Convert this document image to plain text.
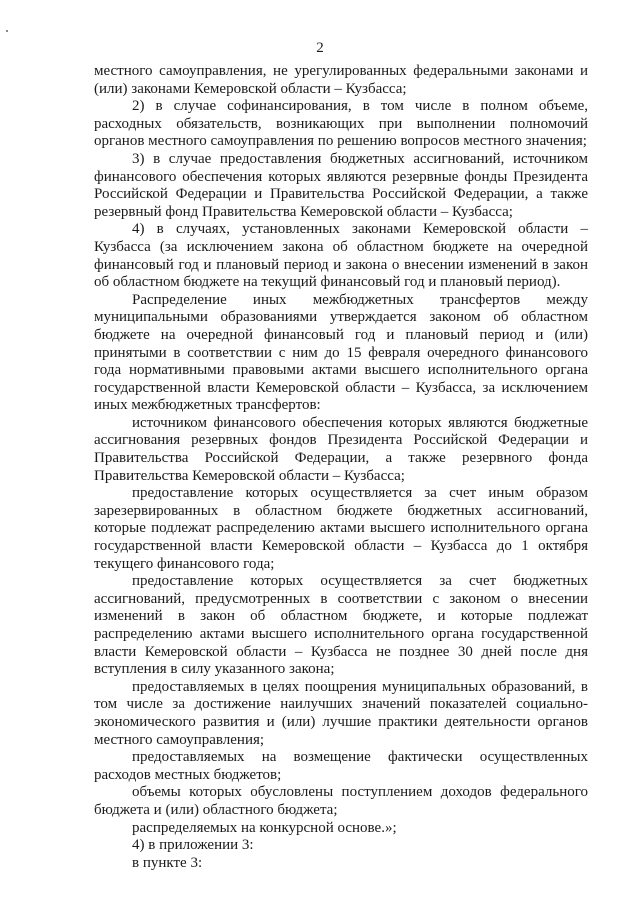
2

местного самоуправления, не урегулированных федеральными законами и (или) законами Кемеровской области – Кузбасса;

2) в случае софинансирования, в том числе в полном объеме, расходных обязательств, возникающих при выполнении полномочий органов местного самоуправления по решению вопросов местного значения;

3) в случае предоставления бюджетных ассигнований, источником финансового обеспечения которых являются резервные фонды Президента Российской Федерации и Правительства Российской Федерации, а также резервный фонд Правительства Кемеровской области – Кузбасса;

4) в случаях, установленных законами Кемеровской области – Кузбасса (за исключением закона об областном бюджете на очередной финансовый год и плановый период и закона о внесении изменений в закон об областном бюджете на текущий финансовый год и плановый период).

Распределение иных межбюджетных трансфертов между муниципальными образованиями утверждается законом об областном бюджете на очередной финансовый год и плановый период и (или) принятыми в соответствии с ним до 15 февраля очередного финансового года нормативными правовыми актами высшего исполнительного органа государственной власти Кемеровской области – Кузбасса, за исключением иных межбюджетных трансфертов:

источником финансового обеспечения которых являются бюджетные ассигнования резервных фондов Президента Российской Федерации и Правительства Российской Федерации, а также резервного фонда Правительства Кемеровской области – Кузбасса;

предоставление которых осуществляется за счет иным образом зарезервированных в областном бюджете бюджетных ассигнований, которые подлежат распределению актами высшего исполнительного органа государственной власти Кемеровской области – Кузбасса до 1 октября текущего финансового года;

предоставление которых осуществляется за счет бюджетных ассигнований, предусмотренных в соответствии с законом о внесении изменений в закон об областном бюджете, и которые подлежат распределению актами высшего исполнительного органа государственной власти Кемеровской области – Кузбасса не позднее 30 дней после дня вступления в силу указанного закона;

предоставляемых в целях поощрения муниципальных образований, в том числе за достижение наилучших значений показателей социально-экономического развития и (или) лучшие практики деятельности органов местного самоуправления;

предоставляемых на возмещение фактически осуществленных расходов местных бюджетов;

объемы которых обусловлены поступлением доходов федерального бюджета и (или) областного бюджета;

распределяемых на конкурсной основе.»;

4) в приложении 3:

в пункте 3:
